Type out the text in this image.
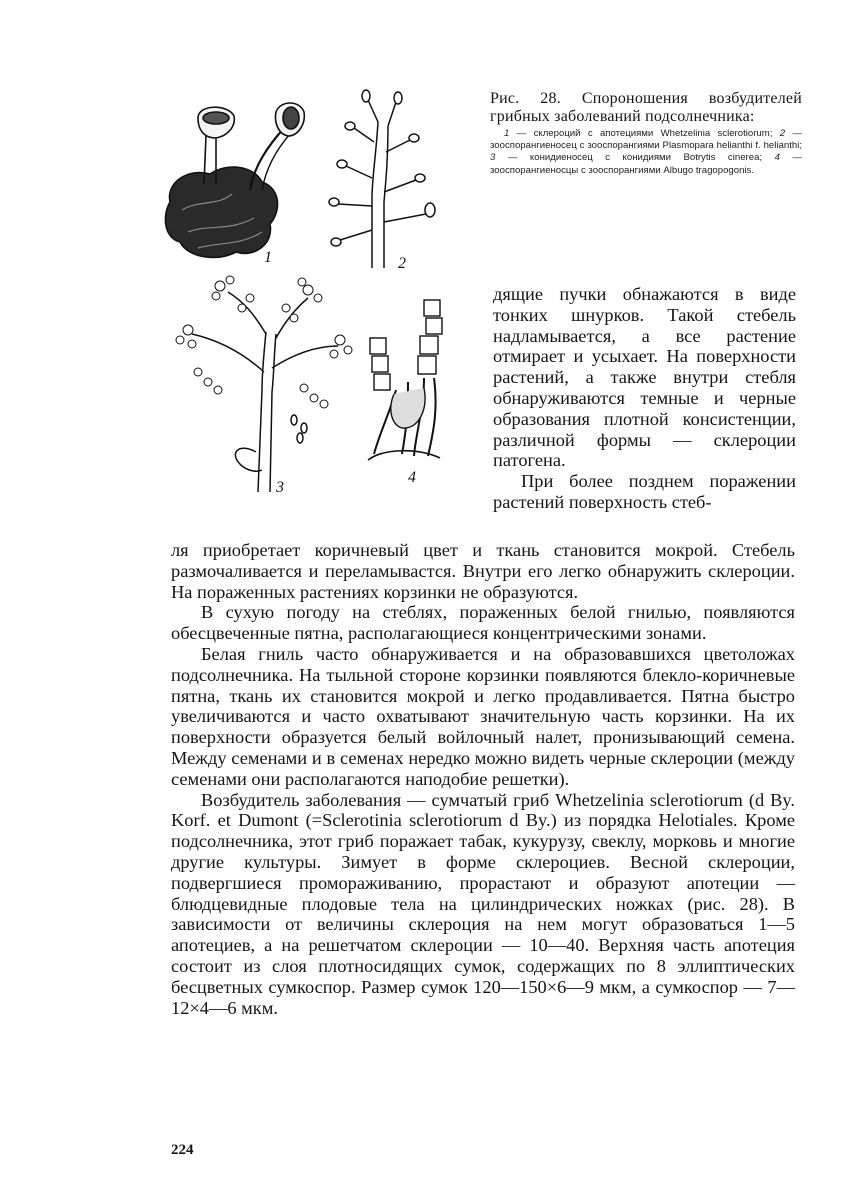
1	2
3
4
Рис. 28. Спороношения возбудителей грибных заболеваний подсолнечника:
1 — склероций с апотециями Whetzelinia sclerotiorum; 2 — зооспорангиеносец с зооспорангиями Plasmopara helianthi f. helianthi; 3 — конидиеносец с конидиями Botrytis cinerea; 4 — зооспорангиеносцы с зооспорангиями Albugo tragopogonis.

дящие пучки обнажаются в виде тонких шнурков. Такой стебель надламывается, а все растение отмирает и усыхает. На поверхности растений, а также внутри стебля обнаруживаются темные и черные образования плотной консистенции, различной формы — склероции патогена.

При более позднем поражении растений поверхность стеб-

ля приобретает коричневый цвет и ткань становится мокрой. Стебель размочаливается и переламываcтся. Внутри его легко обнаружить склероции. На пораженных растениях корзинки не образуются.

В сухую погоду на стеблях, пораженных белой гнилью, появляются обесцвеченные пятна, располагающиеся концентрическими зонами.

Белая гниль часто обнаруживается и на образовавшихся цветоложах подсолнечника. На тыльной стороне корзинки появляются блекло-коричневые пятна, ткань их становится мокрой и легко продавливается. Пятна быстро увеличиваются и часто охватывают значительную часть корзинки. На их поверхности образуется белый войлочный налет, пронизывающий семена. Между семенами и в семенах нередко можно видеть черные склероции (между семенами они располагаются наподобие решетки).

Возбудитель заболевания — сумчатый гриб Whetzelinia sclerotiorum (d By. Korf. et Dumont (=Sclerotinia sclerotiorum d By.) из порядка Helotiales. Кроме подсолнечника, этот гриб поражает табак, кукурузу, свеклу, морковь и многие другие культуры. Зимует в форме склероциев. Весной склероции, подвергшиеся промораживанию, прорастают и образуют апотеции — блюдцевидные плодовые тела на цилиндрических ножках (рис. 28). В зависимости от величины склероция на нем могут образоваться 1—5 апотециев, а на решетчатом склероции — 10—40. Верхняя часть апотеция состоит из слоя плотносидящих сумок, содержащих по 8 эллиптических бесцветных сумкоспор. Размер сумок 120—150×6—9 мкм, а сумкоспор — 7—12×4—6 мкм.

224
